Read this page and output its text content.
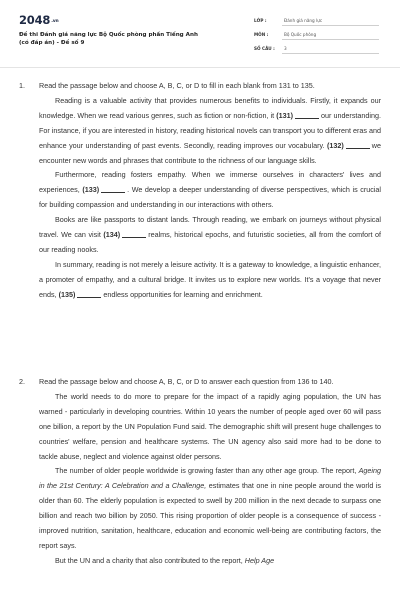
2048.vn
Đề thi Đánh giá năng lực Bộ Quốc phòng phần Tiếng Anh
(có đáp án) - Đề số 9
LỚP :	Đánh giá năng lực
MÔN :	Bộ Quốc phòng
SỐ CÂU : 3
1.	Read the passage below and choose A, B, C, or D to fill in each blank from 131 to 135.

Reading is a valuable activity that provides numerous benefits to individuals. Firstly, it expands our knowledge. When we read various genres, such as fiction or non-fiction, it (131)	our understanding. For instance, if you are interested in history, reading historical novels can transport you to different eras and enhance your understanding of past events. Secondly, reading improves our vocabulary. (132)	we encounter new words and phrases that contribute to the richness of our language skills.

Furthermore, reading fosters empathy. When we immerse ourselves in characters' lives and experiences, (133)	. We develop a deeper understanding of diverse perspectives, which is crucial for building compassion and understanding in our interactions with others.

Books are like passports to distant lands. Through reading, we embark on journeys without physical travel. We can visit (134)	realms, historical epochs, and futuristic societies, all from the comfort of our reading nooks.

In summary, reading is not merely a leisure activity. It is a gateway to knowledge, a linguistic enhancer, a promoter of empathy, and a cultural bridge. It invites us to explore new worlds. It's a voyage that never ends, (135)	endless opportunities for learning and enrichment.

2.	Read the passage below and choose A, B, C, or D to answer each question from 136 to 140.

The world needs to do more to prepare for the impact of a rapidly aging population, the UN has warned - particularly in developing countries. Within 10 years the number of people aged over 60 will pass one billion, a report by the UN Population Fund said. The demographic shift will present huge challenges to countries' welfare, pension and healthcare systems. The UN agency also said more had to be done to tackle abuse, neglect and violence against older persons.

The number of older people worldwide is growing faster than any other age group. The report, Ageing in the 21st Century: A Celebration and a Challenge, estimates that one in nine people around the world is older than 60. The elderly population is expected to swell by 200 million in the next decade to surpass one billion and reach two billion by 2050. This rising proportion of older people is a consequence of success - improved nutrition, sanitation, healthcare, education and economic well-being are contributing factors, the report says.

But the UN and a charity that also contributed to the report, Help Age
